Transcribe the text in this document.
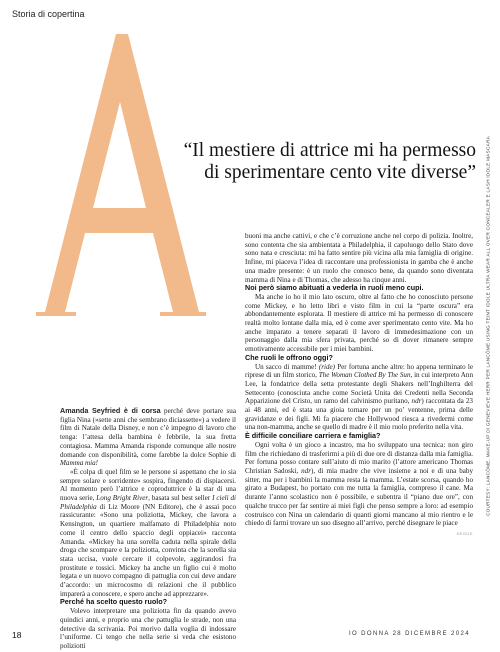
Storia di copertina
“Il mestiere di attrice mi ha permesso
di sperimentare cento vite diverse”

Amanda Seyfried è di corsa perché deve portare sua figlia Nina (»sette anni che sembrano diciassette«) a vedere il film di Natale della Disney, e non c’è impegno di lavoro che tenga: l’attesa della bambina è febbrile, la sua fretta contagiosa. Mamma Amanda risponde comunque alle nostre domande con disponibilità, come farebbe la dolce Sophie di Mamma mia!

«È colpa di quel film se le persone si aspettano che io sia sempre solare e sorridente» sospira, fingendo di dispiacersi. Al momento però l’attrice e coproduttrice è la star di una nuova serie, Long Bright River, basata sul best seller I cieli di Philadelphia di Liz Moore (NN Editore), che è assai poco rassicurante: «Sono una poliziotta, Mickey, che lavora a Kensington, un quartiere malfamato di Philadelphia noto come il centro dello spaccio degli oppiacei» racconta Amanda. «Mickey ha una sorella caduta nella spirale della droga che scompare e la poliziotta, convinta che la sorella sia stata uccisa, vuole cercare il colpevole, aggirandosi fra prostitute e tossici. Mickey ha anche un figlio cui è molto legata e un nuovo compagno di pattuglia con cui deve andare d’accordo: un microcosmo di relazioni che il pubblico imparerà a conoscere, e spero anche ad apprezzare».

Perché ha scelto questo ruolo?

Volevo interpretare una poliziotta fin da quando avevo quindici anni, e proprio una che pattuglia le strade, non una detective da scrivania. Poi morivo dalla voglia di indossare l’uniforme. Ci tengo che nella serie si veda che esistono poliziotti

buoni ma anche cattivi, e che c’è corruzione anche nel corpo di polizia. Inoltre, sono contenta che sia ambientata a Philadelphia, il capoluogo dello Stato dove sono nata e cresciuta: mi ha fatto sentire più vicina alla mia famiglia di origine. Infine, mi piaceva l’idea di raccontare una professionista in gamba che è anche una madre presente: è un ruolo che conosco bene, da quando sono diventata mamma di Nina e di Thomas, che adesso ha cinque anni.

Noi però siamo abituati a vederla in ruoli meno cupi.

Ma anche io ho il mio lato oscuro, oltre al fatto che ho conosciuto persone come Mickey, e ho letto libri e visto film in cui la “parte oscura” era abbondantemente esplorata. Il mestiere di attrice mi ha permesso di conoscere realtà molto lontane dalla mia, ed è come aver sperimentato cento vite. Ma ho anche imparato a tenere separati il lavoro di immedesimazione con un personaggio dalla mia sfera privata, perché so di dover rimanere sempre emotivamente accessibile per i miei bambini.

Che ruoli le offrono oggi?

Un sacco di mamme! (ride) Per fortuna anche altre: ho appena terminato le riprese di un film storico, The Woman Clothed By The Sun, in cui interpreto Ann Lee, la fondatrice della setta protestante degli Shakers nell’Inghilterra del Settecento (conosciuta anche come Società Unita dei Credenti nella Seconda Apparizione del Cristo, un ramo del calvinismo puritano, ndr) raccontata da 23 ai 48 anni, ed è stata una gioia tornare per un po’ ventenne, prima delle gravidanze e dei figli. Mi fa piacere che Hollywood riesca a rivedermi come una non-mamma, anche se quello di madre è il mio ruolo preferito nella vita.

È difficile conciliare carriera e famiglia?

Ogni volta è un gioco a incastro, ma ho sviluppato una tecnica: non giro film che richiedano di trasferirmi a più di due ore di distanza dalla mia famiglia. Per fortuna posso contare sull’aiuto di mio marito (l’attore americano Thomas Christian Sadoski, ndr), di mia madre che vive insieme a noi e di una baby sitter, ma per i bambini la mamma resta la mamma. L’estate scorsa, quando ho girato a Budapest, ho portato con me tutta la famiglia, compreso il cane. Ma durante l’anno scolastico non è possibile, e subentra il “piano due ore”, con qualche trucco per far sentire ai miei figli che penso sempre a loro: ad esempio costruisco con Nina un calendario di quanti giorni mancano al mio rientro e le chiedo di farmi trovare un suo disegno all’arrivo, perché disegnare le piace
SEGUE

COURTESY: LANCÔME. MAKE-UP DI GENEVIEVE HERR PER LANCÔME USING TEINT IDOLE ULTRA WEAR ALL OVER CONCEALER E LASH IDOLE MASCARA
18	IO DONNA 28 DICEMBRE 2024
